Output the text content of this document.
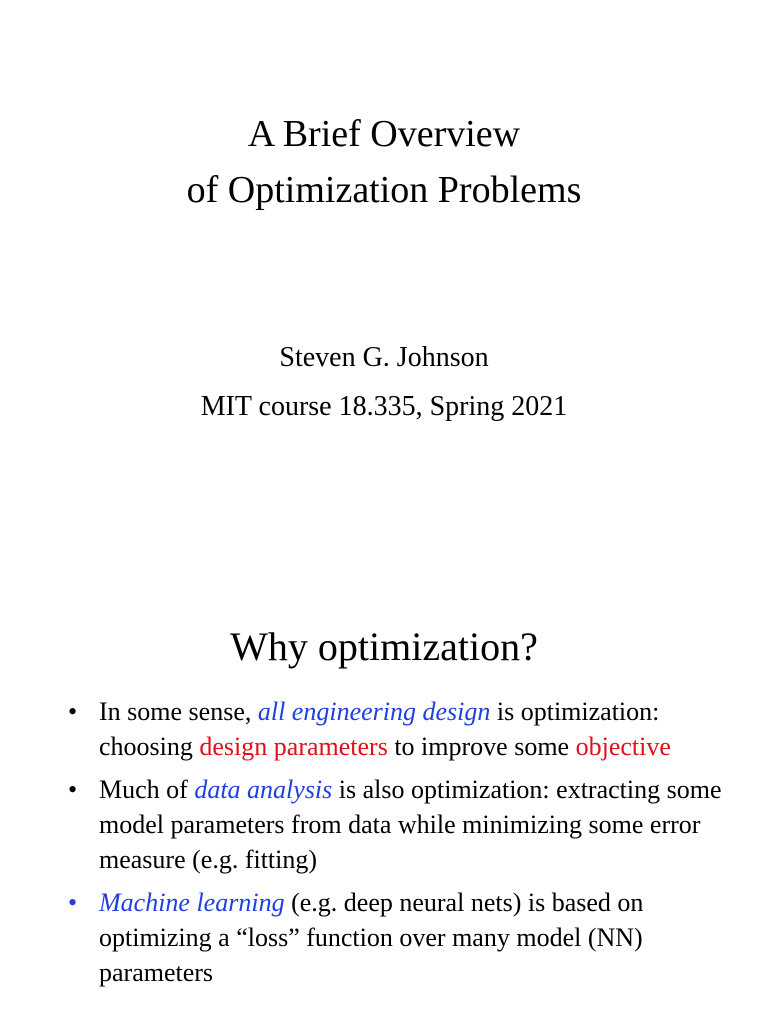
A Brief Overview
of Optimization Problems
Steven G. Johnson
MIT course 18.335, Spring 2021
Why optimization?
• In some sense, all engineering design is optimization: choosing design parameters to improve some objective
• Much of data analysis is also optimization: extracting some model parameters from data while minimizing some error measure (e.g. fitting)
• Machine learning (e.g. deep neural nets) is based on optimizing a “loss” function over many model (NN) parameters
